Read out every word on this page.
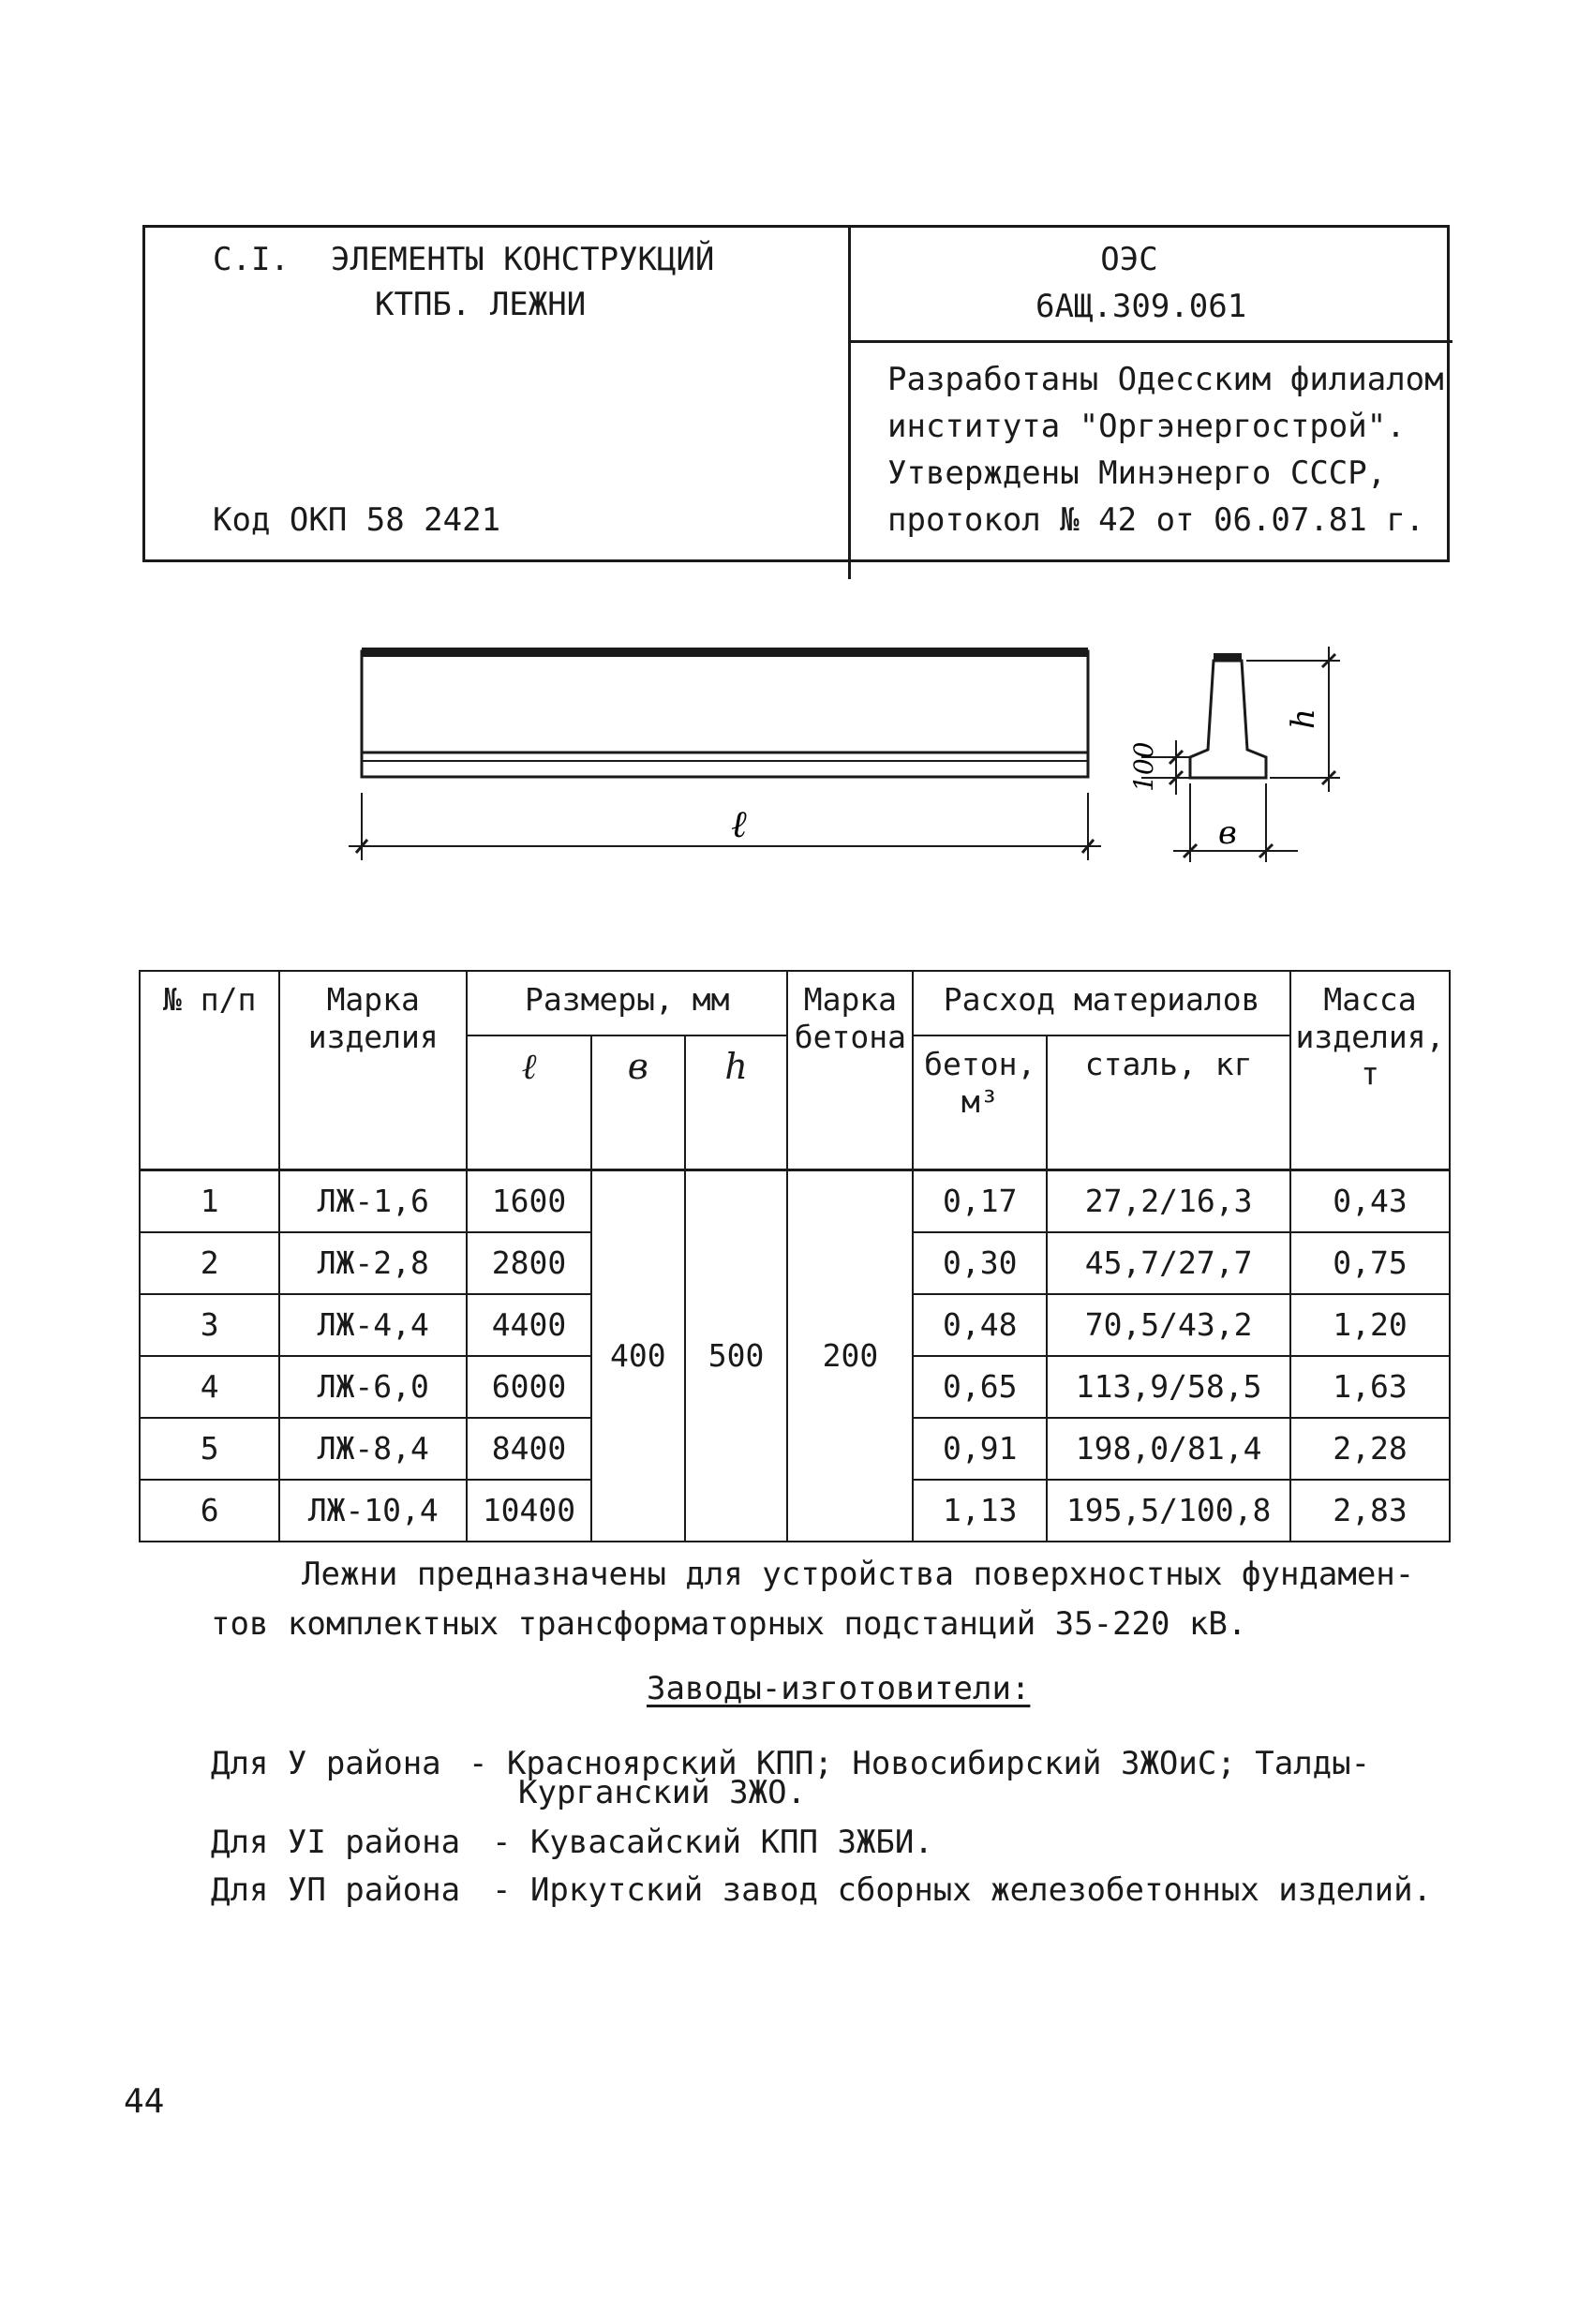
С.I. ЭЛЕМЕНТЫ КОНСТРУКЦИЙ
КТПБ. ЛЕЖНИ
Код ОКП 58 2421
ОЭС
6АЩ.309.061
Разработаны Одесским филиалом
института "Оргэнергострой".
Утверждены Минэнерго СССР,
протокол № 42 от 06.07.81 г.
ℓ
h
100
в
№ п/п	Марка изделия	Размеры, мм			Марка бетона	Расход материалов		Масса изделия, т
		ℓ	в	h		бетон, м³	сталь, кг	
1	ЛЖ-1,6	1600	400	500	200	0,17	27,2/16,3	0,43
2	ЛЖ-2,8	2800				0,30	45,7/27,7	0,75
3	ЛЖ-4,4	4400				0,48	70,5/43,2	1,20
4	ЛЖ-6,0	6000				0,65	113,9/58,5	1,63
5	ЛЖ-8,4	8400				0,91	198,0/81,4	2,28
6	ЛЖ-10,4	10400				1,13	195,5/100,8	2,83
Лежни предназначены для устройства поверхностных фундамен-
тов комплектных трансформаторных подстанций 35-220 кВ.
Заводы-изготовители:
Для У района - Красноярский КПП; Новосибирский ЗЖОиС; Талды-
Курганский ЗЖО.
Для УI района - Кувасайский КПП ЗЖБИ.
Для УП района - Иркутский завод сборных железобетонных изделий.
44
